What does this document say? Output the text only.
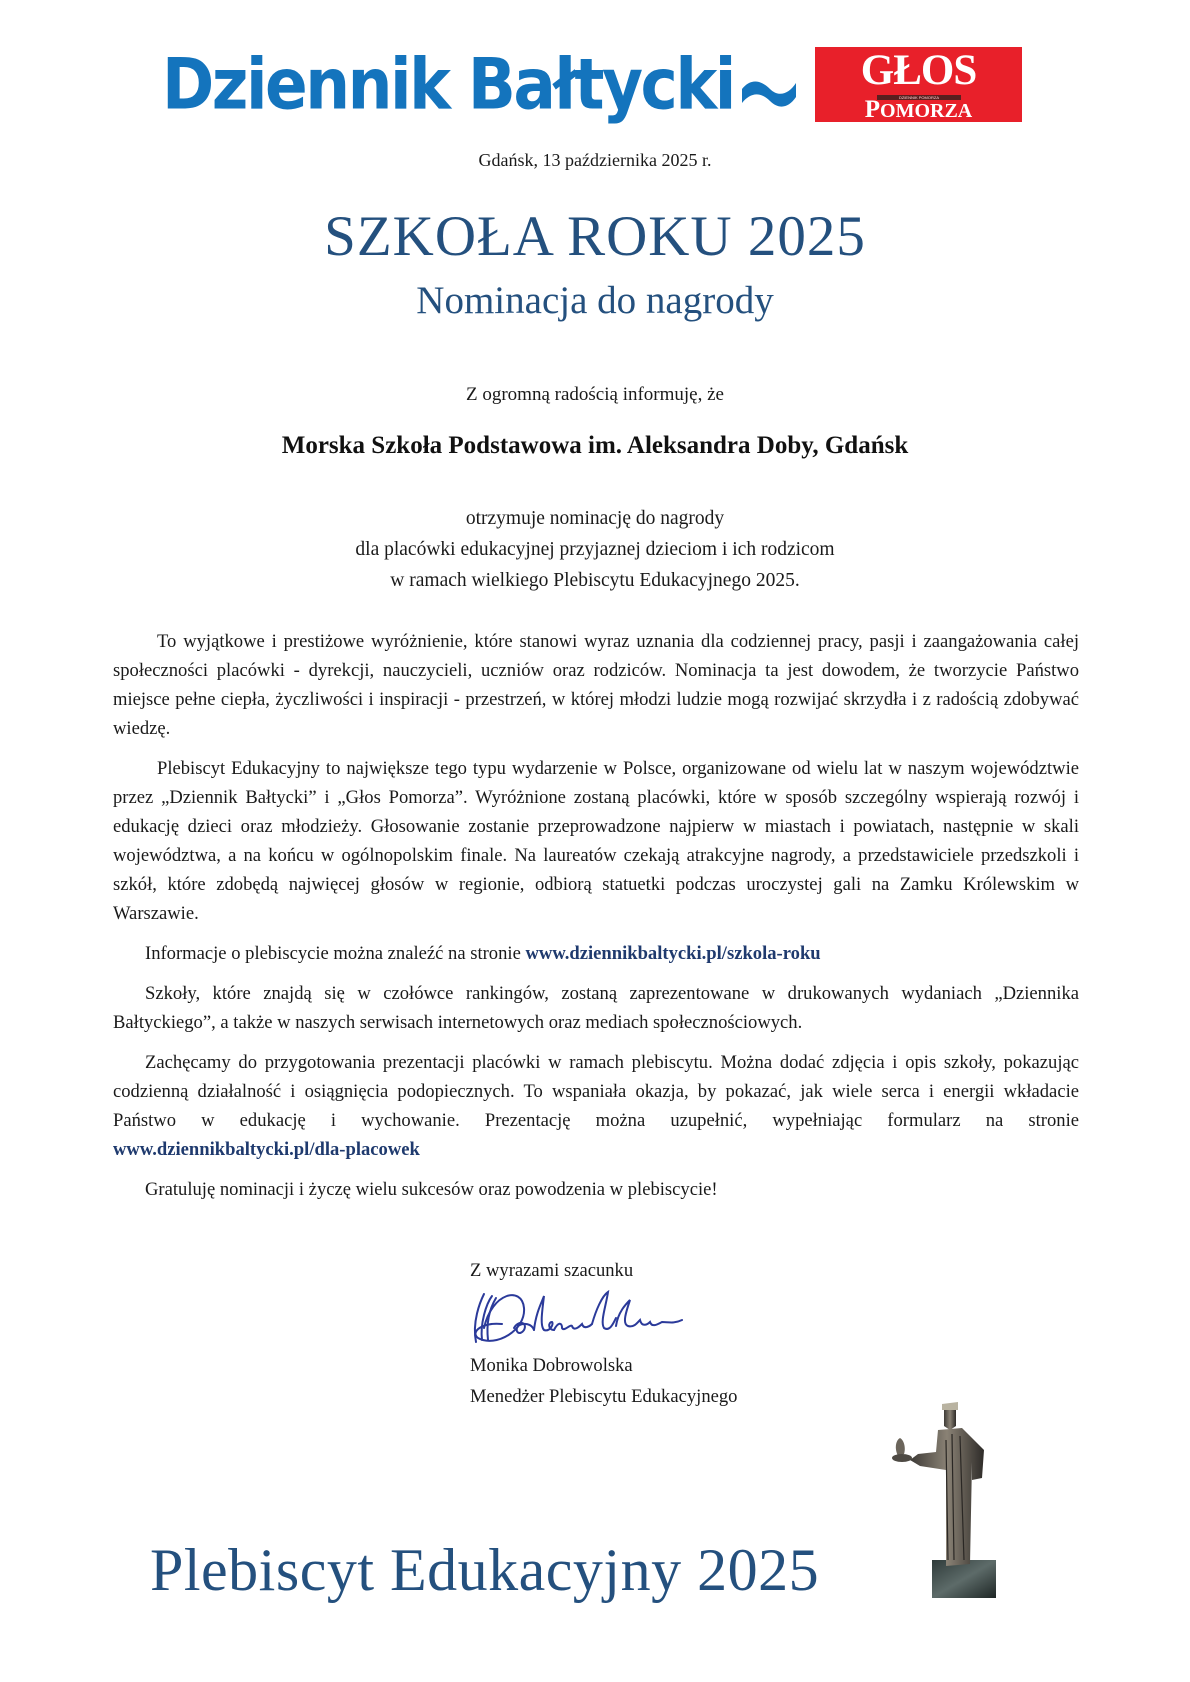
Dziennik Bałtycki	GŁOS
DZIENNIK POMORZA
POMORZA
Gdańsk, 13 października 2025 r.
SZKOŁA ROKU 2025
Nominacja do nagrody
Z ogromną radością informuję, że
Morska Szkoła Podstawowa im. Aleksandra Doby, Gdańsk
otrzymuje nominację do nagrody
dla placówki edukacyjnej przyjaznej dzieciom i ich rodzicom
w ramach wielkiego Plebiscytu Edukacyjnego 2025.

To wyjątkowe i prestiżowe wyróżnienie, które stanowi wyraz uznania dla codziennej pracy, pasji i zaangażowania całej społeczności placówki - dyrekcji, nauczycieli, uczniów oraz rodziców. Nominacja ta jest dowodem, że tworzycie Państwo miejsce pełne ciepła, życzliwości i inspiracji - przestrzeń, w której młodzi ludzie mogą rozwijać skrzydła i z radością zdobywać wiedzę.

Plebiscyt Edukacyjny to największe tego typu wydarzenie w Polsce, organizowane od wielu lat w naszym województwie przez „Dziennik Bałtycki” i „Głos Pomorza”. Wyróżnione zostaną placówki, które w sposób szczególny wspierają rozwój i edukację dzieci oraz młodzieży. Głosowanie zostanie przeprowadzone najpierw w miastach i powiatach, następnie w skali województwa, a na końcu w ogólnopolskim finale. Na laureatów czekają atrakcyjne nagrody, a przedstawiciele przedszkoli i szkół, które zdobędą najwięcej głosów w regionie, odbiorą statuetki podczas uroczystej gali na Zamku Królewskim w Warszawie.

Informacje o plebiscycie można znaleźć na stronie www.dziennikbaltycki.pl/szkola-roku

Szkoły, które znajdą się w czołówce rankingów, zostaną zaprezentowane w drukowanych wydaniach „Dziennika Bałtyckiego”, a także w naszych serwisach internetowych oraz mediach społecznościowych.

Zachęcamy do przygotowania prezentacji placówki w ramach plebiscytu. Można dodać zdjęcia i opis szkoły, pokazując codzienną działalność i osiągnięcia podopiecznych. To wspaniała okazja, by pokazać, jak wiele serca i energii wkładacie Państwo w edukację i wychowanie. Prezentację można uzupełnić, wypełniając formularz na stronie www.dziennikbaltycki.pl/dla-placowek

Gratuluję nominacji i życzę wielu sukcesów oraz powodzenia w plebiscycie!

Z wyrazami szacunku
Monika Dobrowolska
Menedżer Plebiscytu Edukacyjnego
Plebiscyt Edukacyjny 2025
